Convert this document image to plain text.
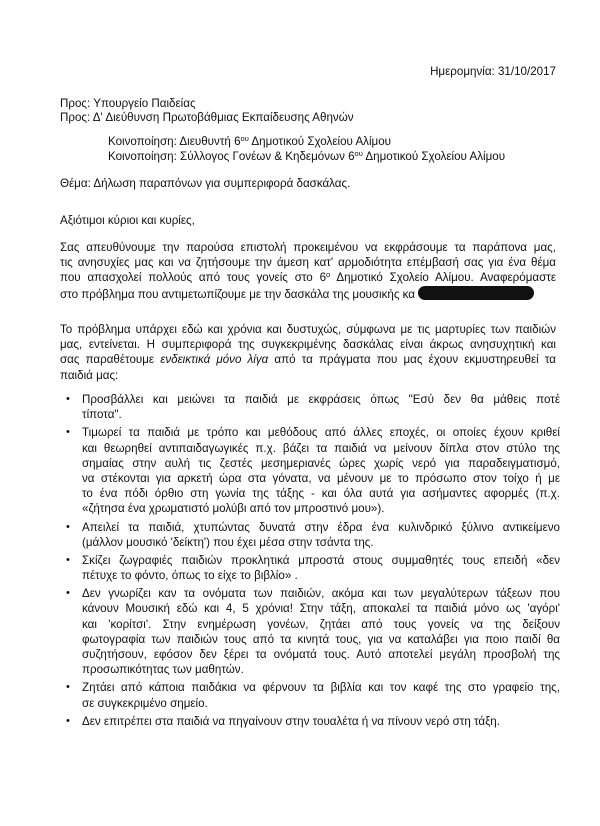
Ημερομηνία: 31/10/2017
Προς: Υπουργείο Παιδείας
Προς: Δ' Διεύθυνση Πρωτοβάθμιας Εκπαίδευσης Αθηνών
Κοινοποίηση: Διευθυντή $6^{o\upsilon}$ Δημοτικού Σχολείου Αλίμου
Κοινοποίηση: Σύλλογος Γονέων & Κηδεμόνων $6^{o\upsilon}$ Δημοτικού Σχολείου Αλίμου
Θέμα: Δήλωση παραπόνων για συμπεριφορά δασκάλας.
Αξιότιμοι κύριοι και κυρίες,
Σας απευθύνουμε την παρούσα επιστολή προκειμένου να εκφράσουμε τα παράπονα μας,
τις ανησυχίες μας και να ζητήσουμε την άμεση κατ' αρμοδιότητα επέμβασή σας για ένα θέμα
που απασχολεί πολλούς από τους γονείς στο $6^o$ Δημοτικό Σχολείο Αλίμου. Αναφερόμαστε
στο πρόβλημα που αντιμετωπίζουμε με την δασκάλα της μουσικής κα
Το πρόβλημα υπάρχει εδώ και χρόνια και δυστυχώς, σύμφωνα με τις μαρτυρίες των παιδιών
μας, εντείνεται. Η συμπεριφορά της συγκεκριμένης δασκάλας είναι άκρως ανησυχητική και
σας παραθέτουμε ενδεικτικά μόνο λίγα από τα πράγματα που μας έχουν εκμυστηρευθεί τα
παιδιά μας:
• Προσβάλλει και μειώνει τα παιδιά με εκφράσεις όπως "Εσύ δεν θα μάθεις ποτέ
τίποτα".
• Τιμωρεί τα παιδιά με τρόπο και μεθόδους από άλλες εποχές, οι οποίες έχουν κριθεί
και θεωρηθεί αντιπαιδαγωγικές π.χ. βάζει τα παιδιά να μείνουν δίπλα στον στύλο της
σημαίας στην αυλή τις ζεστές μεσημεριανές ώρες χωρίς νερό για παραδειγματισμό,
να στέκονται για αρκετή ώρα στα γόνατα, να μένουν με το πρόσωπο στον τοίχο ή με
το ένα πόδι όρθιο στη γωνία της τάξης - και όλα αυτά για ασήμαντες αφορμές (π.χ.
«ζήτησα ένα χρωματιστό μολύβι από τον μπροστινό μου»).
• Απειλεί τα παιδιά, χτυπώντας δυνατά στην έδρα ένα κυλινδρικό ξύλινο αντικείμενο
(μάλλον μουσικό 'δείκτη') που έχει μέσα στην τσάντα της.
• Σκίζει ζωγραφιές παιδιών προκλητικά μπροστά στους συμμαθητές τους επειδή «δεν
πέτυχε το φόντο, όπως το είχε το βιβλίο» .
• Δεν γνωρίζει καν τα ονόματα των παιδιών, ακόμα και των μεγαλύτερων τάξεων που
κάνουν Μουσική εδώ και 4, 5 χρόνια! Στην τάξη, αποκαλεί τα παιδιά μόνο ως 'αγόρι'
και 'κορίτσι'. Στην ενημέρωση γονέων, ζητάει από τους γονείς να της δείξουν
φωτογραφία των παιδιών τους από τα κινητά τους, για να καταλάβει για ποιο παιδί θα
συζητήσουν, εφόσον δεν ξέρει τα ονόματά τους. Αυτό αποτελεί μεγάλη προσβολή της
προσωπικότητας των μαθητών.
• Ζητάει από κάποια παιδάκια να φέρνουν τα βιβλία και τον καφέ της στο γραφείο της,
σε συγκεκριμένο σημείο.
• Δεν επιτρέπει στα παιδιά να πηγαίνουν στην τουαλέτα ή να πίνουν νερό στη τάξη.
